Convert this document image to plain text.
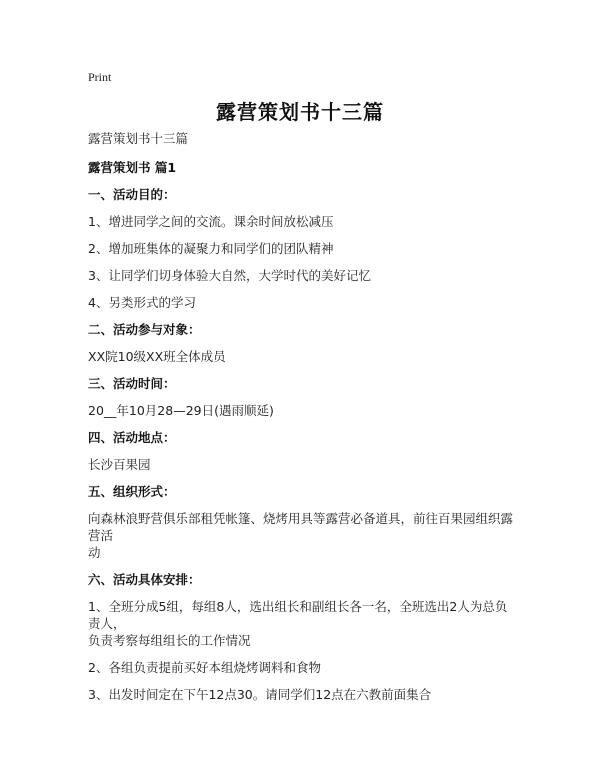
Print
露营策划书十三篇

露营策划书十三篇

露营策划书 篇1

一、活动目的：

1、增进同学之间的交流。课余时间放松减压

2、增加班集体的凝聚力和同学们的团队精神

3、让同学们切身体验大自然，大学时代的美好记忆

4、另类形式的学习

二、活动参与对象：

XX院10级XX班全体成员

三、活动时间：

20__年10月28—29日(遇雨顺延)

四、活动地点：

长沙百果园

五、组织形式：

向森林浪野营俱乐部租凭帐篷、烧烤用具等露营必备道具，前往百果园组织露营活

动

六、活动具体安排：

1、全班分成5组，每组8人，选出组长和副组长各一名，全班选出2人为总负责人，

负责考察每组组长的工作情况

2、各组负责提前买好本组烧烤调料和食物

3、出发时间定在下午12点30。请同学们12点在六教前面集合
